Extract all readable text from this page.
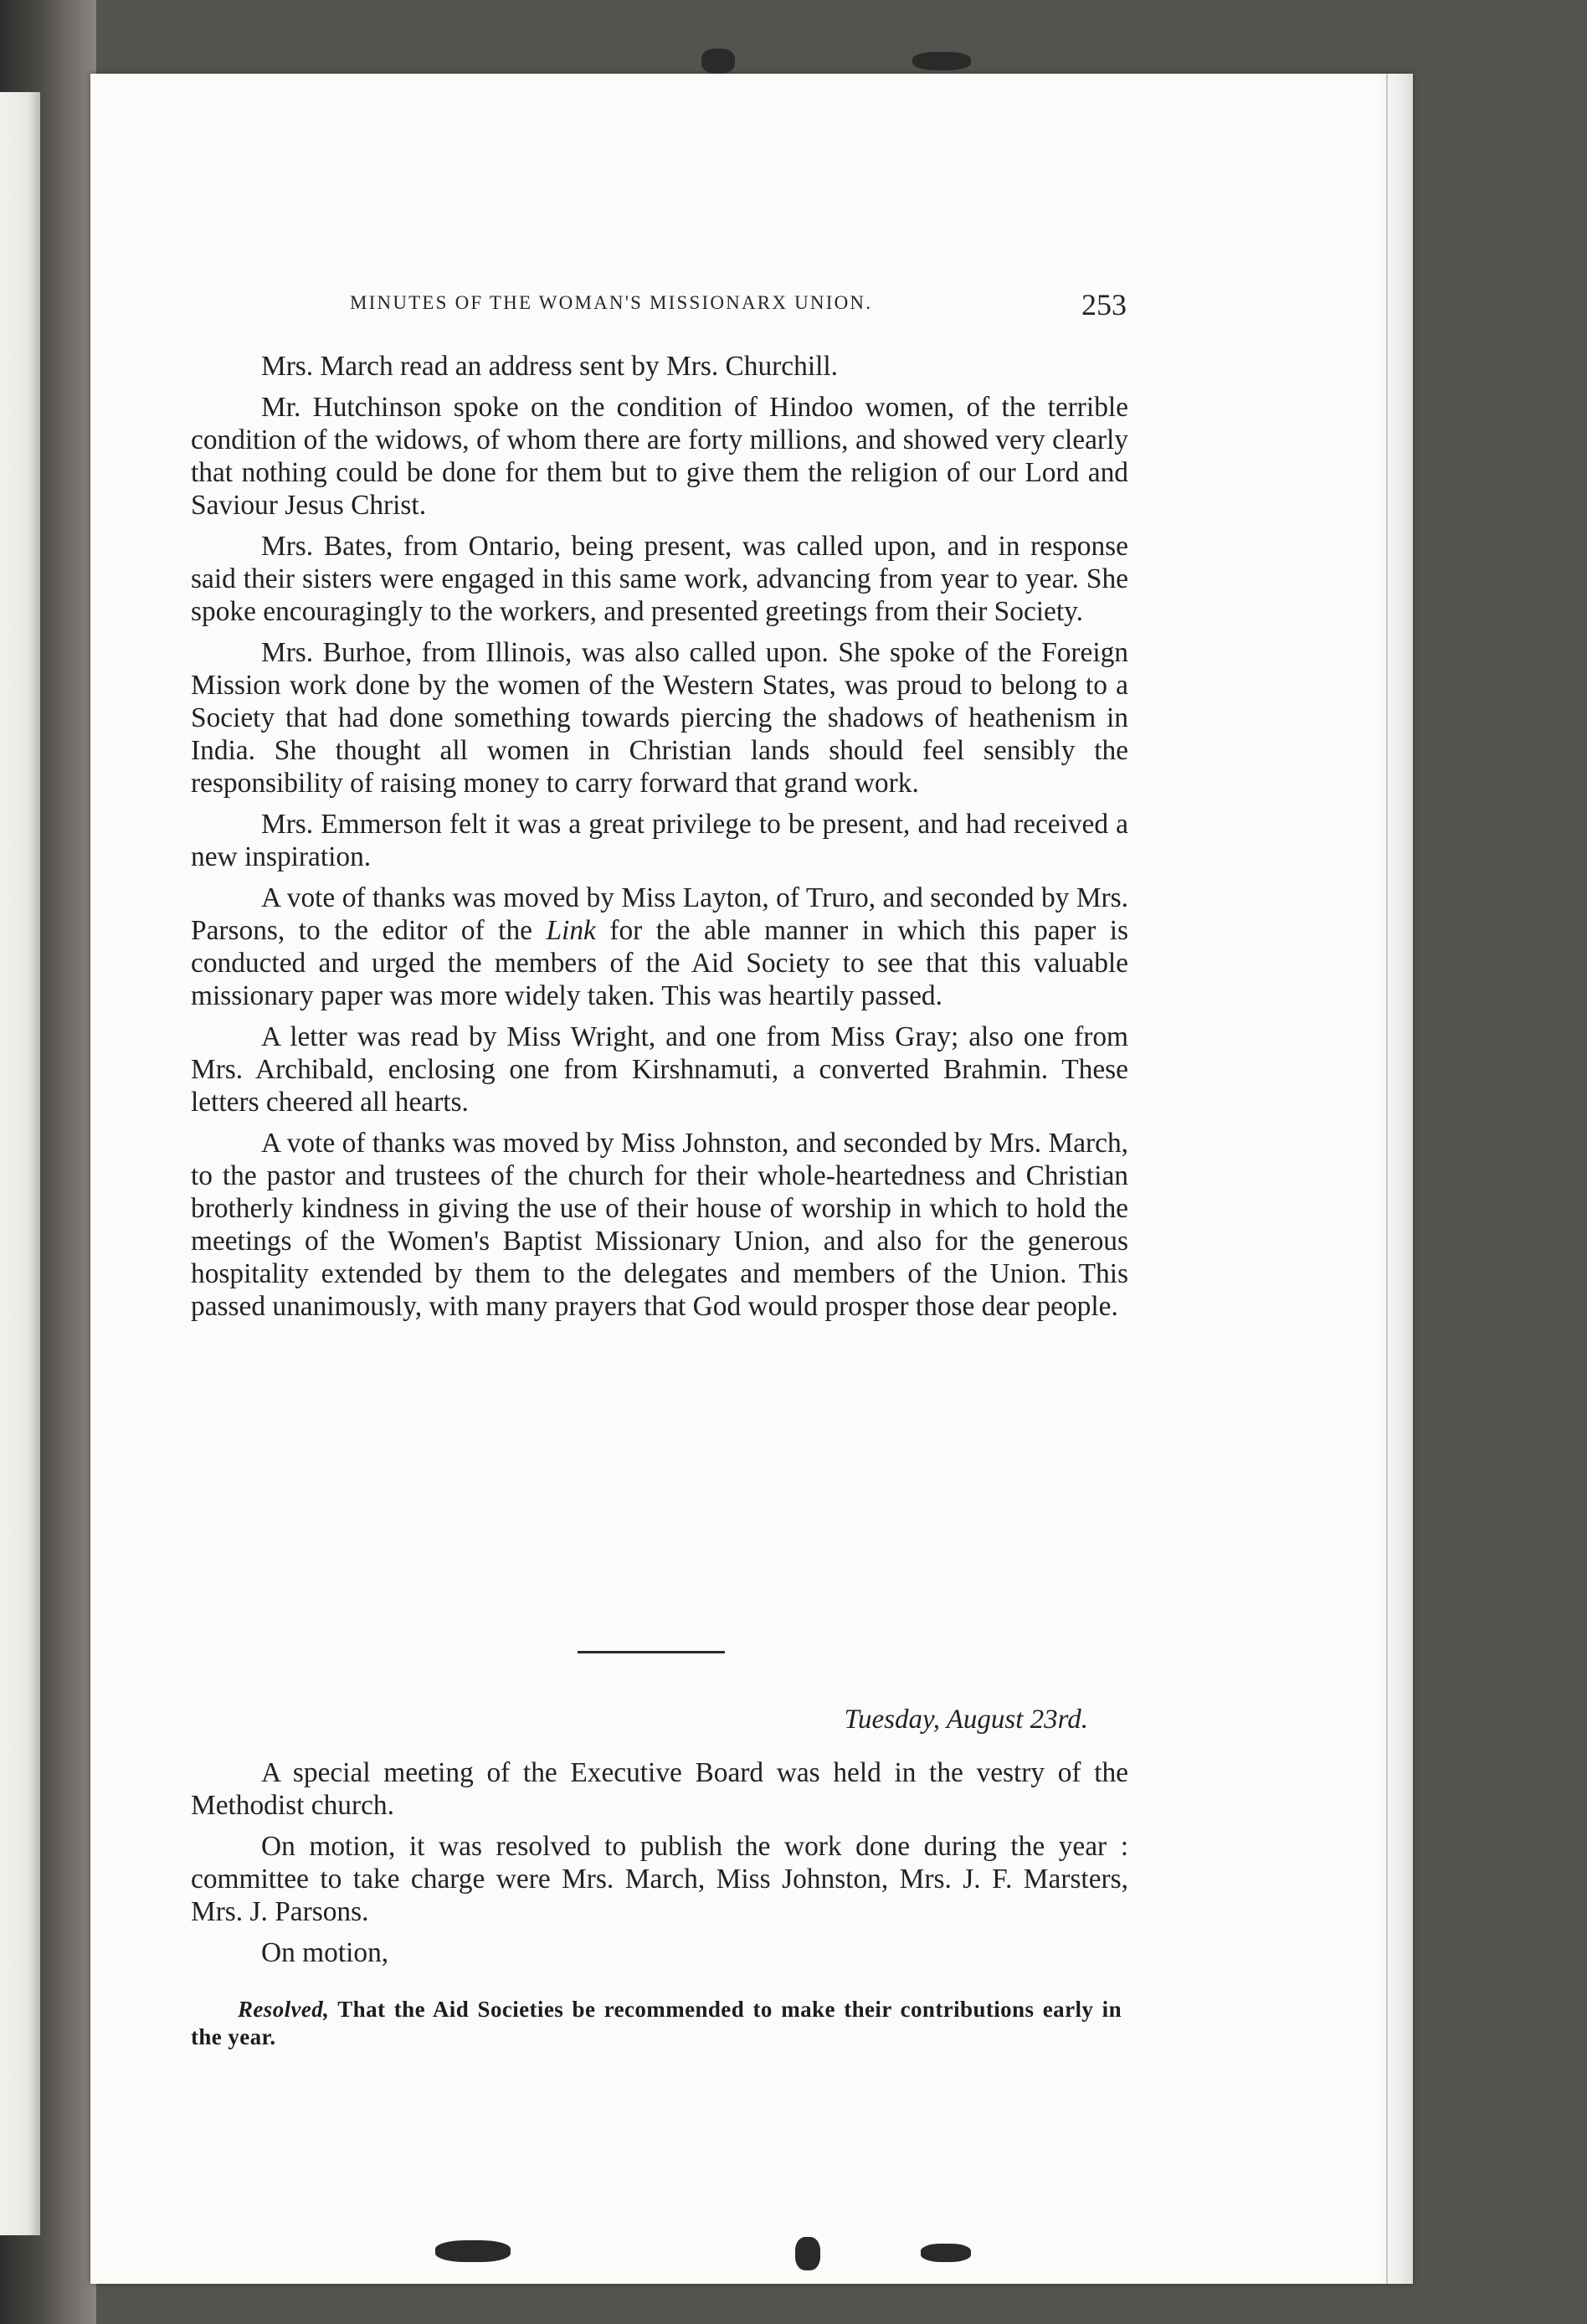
MINUTES OF THE WOMAN'S MISSIONARX UNION.	253

Mrs. March read an address sent by Mrs. Churchill.

Mr. Hutchinson spoke on the condition of Hindoo women, of the terrible condition of the widows, of whom there are forty millions, and showed very clearly that nothing could be done for them but to give them the religion of our Lord and Saviour Jesus Christ.

Mrs. Bates, from Ontario, being present, was called upon, and in response said their sisters were engaged in this same work, advancing from year to year. She spoke encouragingly to the workers, and presented greetings from their Society.

Mrs. Burhoe, from Illinois, was also called upon. She spoke of the Foreign Mission work done by the women of the Western States, was proud to belong to a Society that had done something towards piercing the shadows of heathenism in India. She thought all women in Christian lands should feel sensibly the responsibility of raising money to carry forward that grand work.

Mrs. Emmerson felt it was a great privilege to be present, and had received a new inspiration.

A vote of thanks was moved by Miss Layton, of Truro, and seconded by Mrs. Parsons, to the editor of the Link for the able manner in which this paper is conducted and urged the members of the Aid Society to see that this valuable missionary paper was more widely taken. This was heartily passed.

A letter was read by Miss Wright, and one from Miss Gray; also one from Mrs. Archibald, enclosing one from Kirshnamuti, a converted Brahmin. These letters cheered all hearts.

A vote of thanks was moved by Miss Johnston, and seconded by Mrs. March, to the pastor and trustees of the church for their whole-heartedness and Christian brotherly kindness in giving the use of their house of worship in which to hold the meetings of the Women's Baptist Missionary Union, and also for the generous hospitality extended by them to the delegates and members of the Union. This passed unanimously, with many prayers that God would prosper those dear people.

Tuesday, August 23rd.

A special meeting of the Executive Board was held in the vestry of the Methodist church.

On motion, it was resolved to publish the work done during the year : committee to take charge were Mrs. March, Miss Johnston, Mrs. J. F. Marsters, Mrs. J. Parsons.

On motion,

Resolved, That the Aid Societies be recommended to make their contributions early in the year.
